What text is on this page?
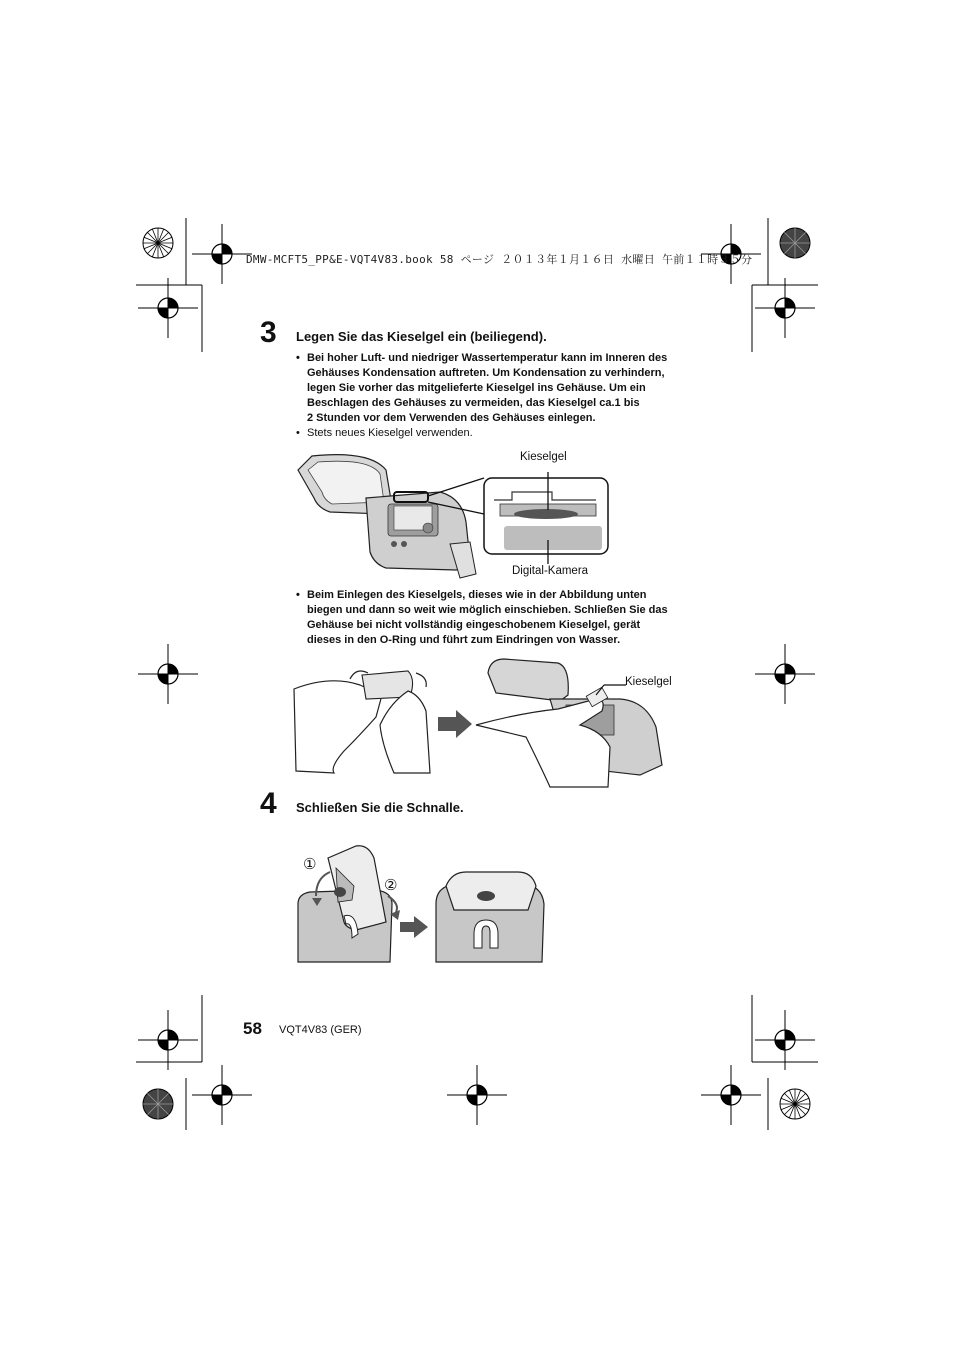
DMW-MCFT5_PP&E-VQT4V83.book 58 ページ ２０１３年１月１６日 水曜日 午前１１時３５分
3 Legen Sie das Kieselgel ein (beiliegend).
• Bei hoher Luft- und niedriger Wassertemperatur kann im Inneren des
Gehäuses Kondensation auftreten. Um Kondensation zu verhindern,
legen Sie vorher das mitgelieferte Kieselgel ins Gehäuse. Um ein
Beschlagen des Gehäuses zu vermeiden, das Kieselgel ca.1 bis
2 Stunden vor dem Verwenden des Gehäuses einlegen.
• Stets neues Kieselgel verwenden.
Kieselgel
Digital-Kamera
• Beim Einlegen des Kieselgels, dieses wie in der Abbildung unten
biegen und dann so weit wie möglich einschieben. Schließen Sie das
Gehäuse bei nicht vollständig eingeschobenem Kieselgel, gerät
dieses in den O-Ring und führt zum Eindringen von Wasser.
Kieselgel
4 Schließen Sie die Schnalle.
①
②
58 VQT4V83 (GER)
